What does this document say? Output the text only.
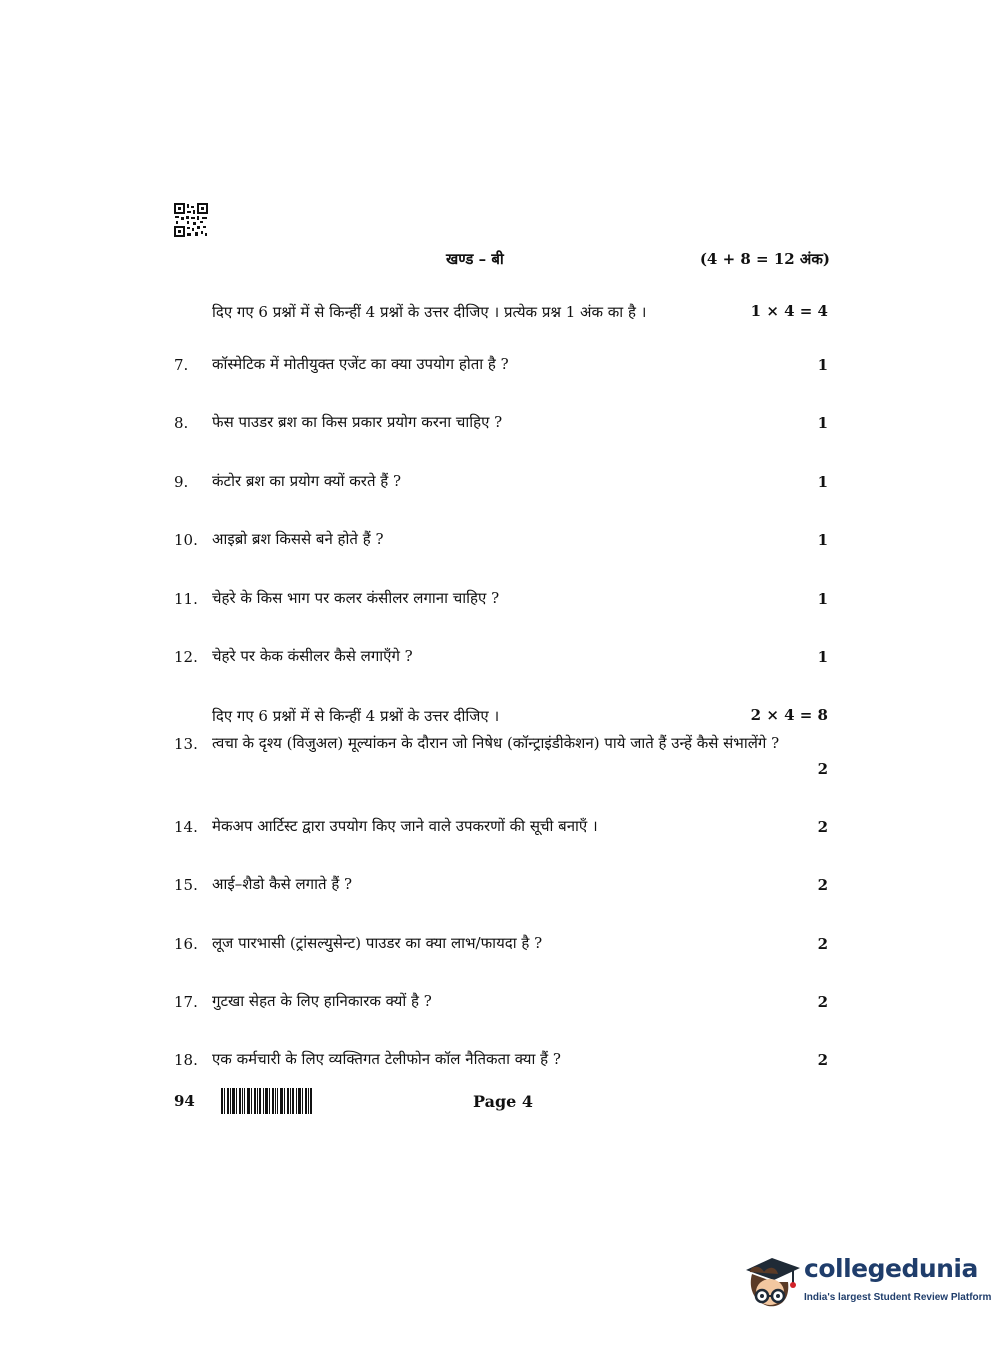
खण्ड – बी	(4 + 8 = 12 अंक)
दिए गए 6 प्रश्नों में से किन्हीं 4 प्रश्नों के उत्तर दीजिए । प्रत्येक प्रश्न 1 अंक का है ।	1 × 4 = 4
7. कॉस्मेटिक में मोतीयुक्त एजेंट का क्या उपयोग होता है ?	1
8. फेस पाउडर ब्रश का किस प्रकार प्रयोग करना चाहिए ?	1
9. कंटोर ब्रश का प्रयोग क्यों करते हैं ?	1
10. आइब्रो ब्रश किससे बने होते हैं ?	1
11. चेहरे के किस भाग पर कलर कंसीलर लगाना चाहिए ?	1
12. चेहरे पर केक कंसीलर कैसे लगाएँगे ?	1
दिए गए 6 प्रश्नों में से किन्हीं 4 प्रश्नों के उत्तर दीजिए ।	2 × 4 = 8
13. त्वचा के दृश्य (विजुअल) मूल्यांकन के दौरान जो निषेध (कॉन्ट्राइंडीकेशन) पाये जाते हैं उन्हें कैसे संभालेंगे ?
2
14. मेकअप आर्टिस्ट द्वारा उपयोग किए जाने वाले उपकरणों की सूची बनाएँ ।	2
15. आई–शैडो कैसे लगाते हैं ?	2
16. लूज पारभासी (ट्रांसल्युसेन्ट) पाउडर का क्या लाभ/फायदा है ?	2
17. गुटखा सेहत के लिए हानिकारक क्यों है ?	2
18. एक कर्मचारी के लिए व्यक्तिगत टेलीफोन कॉल नैतिकता क्या हैं ?	2
94	Page 4
collegedunia
India's largest Student Review Platform
